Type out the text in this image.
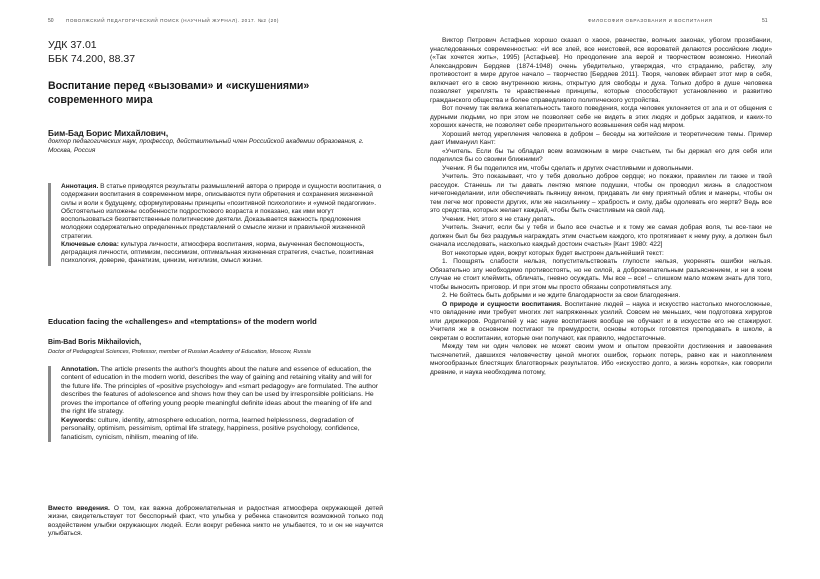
50	ПОВОЛЖСКИЙ ПЕДАГОГИЧЕСКИЙ ПОИСК (НАУЧНЫЙ ЖУРНАЛ). 2017. №2 (20)
УДК 37.01
ББК 74.200, 88.37
Воспитание перед «вызовами» и «искушениями» современного мира
Бим-Бад Борис Михайлович,
доктор педагогических наук, профессор, действительный член Российской академии образования, г. Москва, Россия
Аннотация. В статье приводятся результаты размышлений автора о природе и сущности воспитания, о содержании воспитания в современном мире, описываются пути обретения и сохранения жизненной силы и воли к будущему, сформулированы принципы «позитивной психологии» и «умной педагогики». Обстоятельно изложены особенности подросткового возраста и показано, как ими могут воспользоваться безответственные политические деятели. Доказывается важность предложения молодежи содержательно определенных представлений о смысле жизни и правильной жизненной стратегии.
Ключевые слова: культура личности, атмосфера воспитания, норма, выученная беспомощность, деградация личности, оптимизм, пессимизм, оптимальная жизненная стратегия, счастье, позитивная психология, доверие, фанатизм, цинизм, нигилизм, смысл жизни.
Education facing the «challenges» and «temptations» of the modern world
Bim-Bad Boris Mikhailovich,
Doctor of Pedagogical Sciences, Professor, member of Russian Academy of Education, Moscow, Russia
Annotation. The article presents the author's thoughts about the nature and essence of education, the content of education in the modern world, describes the way of gaining and retaining vitality and will for the future life. The principles of «positive psychology» and «smart pedagogy» are formulated. The author describes the features of adolescence and shows how they can be used by irresponsible politicians. He proves the importance of offering young people meaningful definite ideas about the meaning of life and the right life strategy.
Keywords: culture, identity, atmosphere education, norma, learned helplessness, degradation of personality, optimism, pessimism, optimal life strategy, happiness, positive psychology, confidence, fanaticism, cynicism, nihilism, meaning of life.
Вместо введения. О том, как важна доброжелательная и радостная атмосфера окружающей детей жизни, свидетельствует тот бесспорный факт, что улыбка у ребенка становится возможной только под воздействием улыбки окружающих людей. Если вокруг ребенка никто не улыбается, то и он не научится улыбаться.
ФИЛОСОФИЯ ОБРАЗОВАНИЯ И ВОСПИТАНИЯ	51

Виктор Петрович Астафьев хорошо сказал о хаосе, рвачестве, волчьих законах, убогом прозябании, унаследованных современностью: «И все злей, все неистовей, все вороватей делаются российские люди» («Так хочется жить», 1995) [Астафьев]. Но преодоление зла верой и творчеством возможно. Николай Александрович Бердяев (1874-1948) очень убедительно, утверждая, что страданию, рабству, злу противостоит в мире другое начало – творчество [Бердяев 2011]. Творя, человек вбирает этот мир в себя, включает его в свою внутреннюю жизнь, открытую для свободы и духа. Только добро в душе человека позволяет укреплять те нравственные принципы, которые способствуют установлению и развитию гражданского общества и более справедливого политического устройства.

Вот почему так велика желательность такого поведения, когда человек уклоняется от зла и от общения с дурными людьми, но при этом не позволяет себе не видеть в этих людях и добрых задатков, и каких-то хороших качеств, не позволяет себе презрительного возвышения себя над миром.

Хороший метод укрепления человека в добром – беседы на житейские и теоретические темы. Пример дает Иммануил Кант:

«Учитель. Если бы ты обладал всем возможным в мире счастьем, ты бы держал его для себя или поделился бы со своими ближними?

Ученик. Я бы поделился им, чтобы сделать и других счастливыми и довольными.

Учитель. Это показывает, что у тебя довольно доброе сердце; но покажи, правилен ли также и твой рассудок. Станешь ли ты давать лентяю мягкие подушки, чтобы он проводил жизнь в сладостном ничегонеделании, или обеспечивать пьяницу вином, придавать ли ему приятный облик и манеры, чтобы он тем легче мог провести других, или же насильнику – храбрость и силу, дабы одолевать его жертв? Ведь все это средства, которых желает каждый, чтобы быть счастливым на свой лад.

Ученик. Нет, этого я не стану делать.

Учитель. Значит, если бы у тебя и было все счастье и к тому же самая добрая воля, ты все-таки не должен был бы без раздумья награждать этим счастьем каждого, кто протягивает к нему руку, а должен был сначала исследовать, насколько каждый достоин счастья» [Кант 1980: 422]

Вот некоторые идеи, вокруг которых будет выстроен дальнейший текст:

1. Поощрять слабости нельзя, попустительствовать глупости нельзя, укоренять ошибки нельзя. Обязательно злу необходимо противостоять, но не силой, а доброжелательным разъяснением, и ни в коем случае не стоит клеймить, обличать, гневно осуждать. Мы все – все! – слишком мало можем знать для того, чтобы выносить приговор. И при этом мы просто обязаны сопротивляться злу.

2. Не бойтесь быть добрыми и не ждите благодарности за свои благодеяния.

О природе и сущности воспитания. Воспитание людей – наука и искусство настолько многосложные, что овладение ими требует многих лет напряженных усилий. Совсем не меньших, чем подготовка хирургов или дирижеров. Родителей у нас науке воспитания вообще не обучают и в искусстве его не стажируют. Учителя же в основном постигают те премудрости, основы которых готовятся преподавать в школе, а секретам о воспитании, которые они получают, как правило, недостаточные.

Между тем ни один человек не может своим умом и опытом превзойти достижения и завоевания тысячелетий, давшихся человечеству ценой многих ошибок, горьких потерь, равно как и накоплением многообразных блестящих благотворных результатов. Ибо «искусство долго, а жизнь коротка», как говорили древние, и наука необходима потому,
